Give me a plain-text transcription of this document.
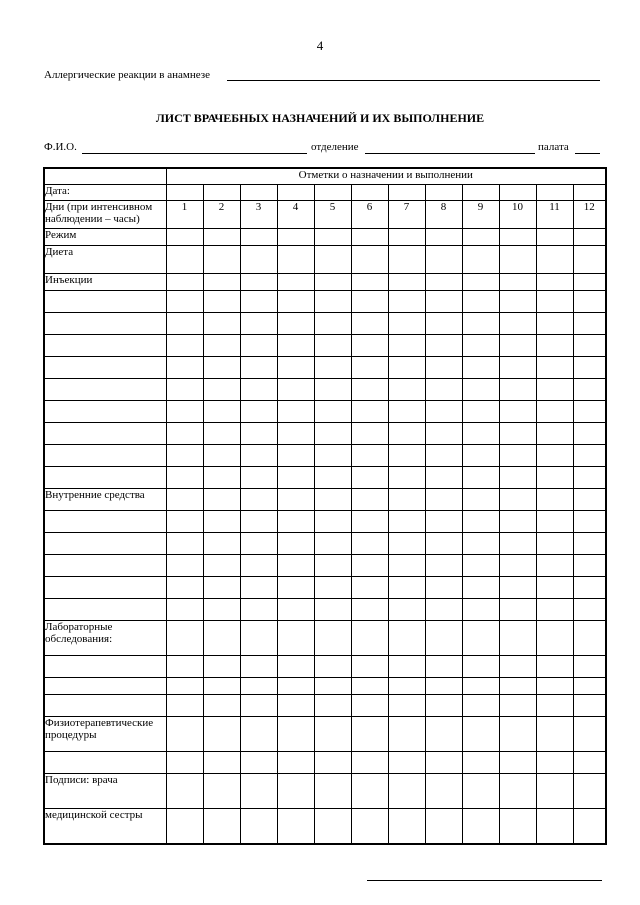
4
Аллергические реакции в анамнезе
ЛИСТ ВРАЧЕБНЫХ НАЗНАЧЕНИЙ И ИХ ВЫПОЛНЕНИЕ
Ф.И.О.	отделение	палата
	Отметки о назначении и выполнении											
Дата:												
Дни (при интенсивном наблюдении – часы)	1	2	3	4	5	6	7	8	9	10	11	12
Режим												
Диета												
Инъекции												

Внутренние средства												

Лабораторные обследования:												

Физиотерапевтические процедуры												

Подписи: врача												
медицинской сестры												
